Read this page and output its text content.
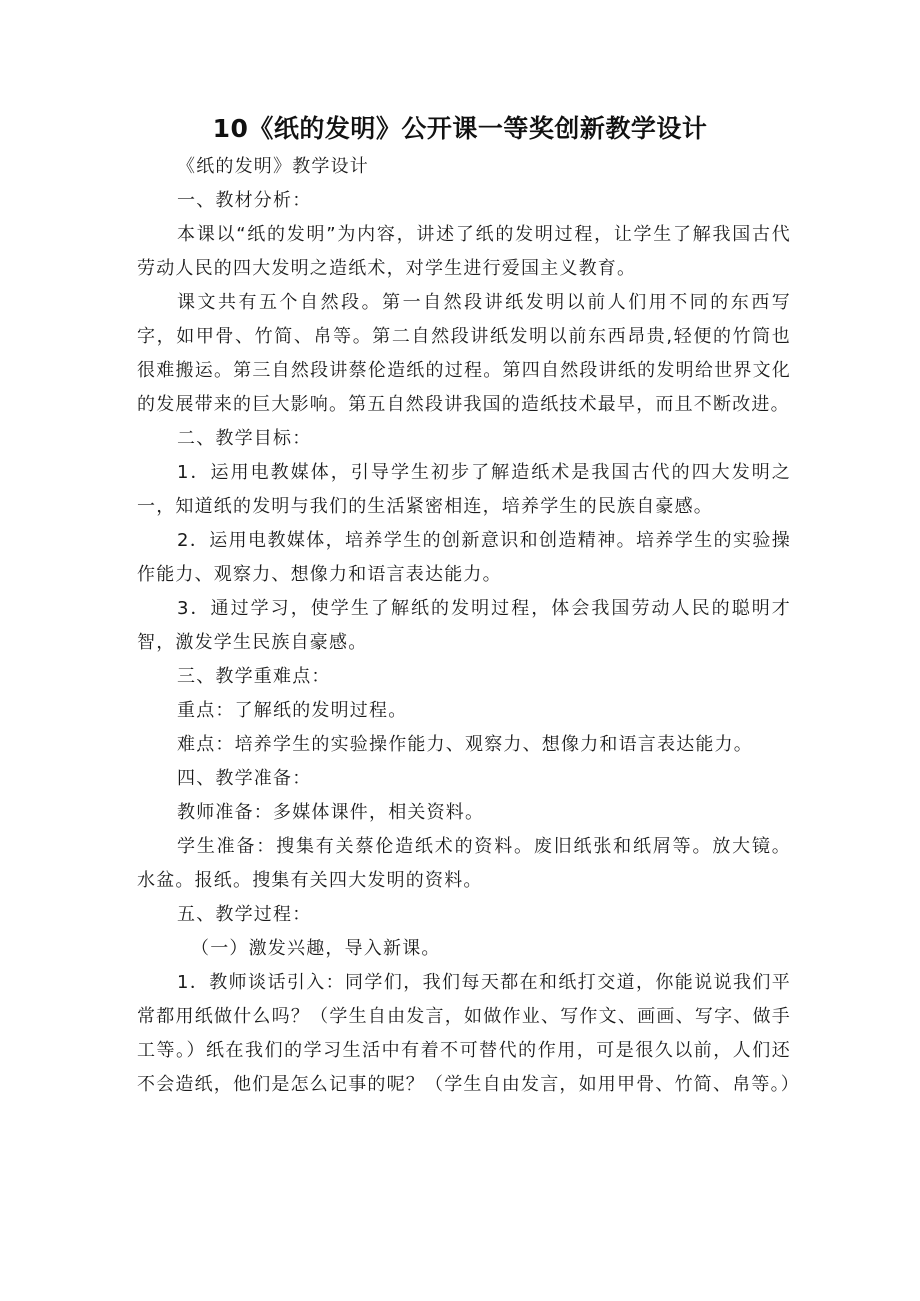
10《纸的发明》公开课一等奖创新教学设计

《纸的发明》教学设计

一、教材分析：

本课以“纸的发明”为内容，讲述了纸的发明过程，让学生了解我国古代劳动人民的四大发明之造纸术，对学生进行爱国主义教育。

课文共有五个自然段。第一自然段讲纸发明以前人们用不同的东西写字，如甲骨、竹简、帛等。第二自然段讲纸发明以前东西昂贵,轻便的竹筒也很难搬运。第三自然段讲蔡伦造纸的过程。第四自然段讲纸的发明给世界文化的发展带来的巨大影响。第五自然段讲我国的造纸技术最早，而且不断改进。

二、教学目标：

1．运用电教媒体，引导学生初步了解造纸术是我国古代的四大发明之一，知道纸的发明与我们的生活紧密相连，培养学生的民族自豪感。

2．运用电教媒体，培养学生的创新意识和创造精神。培养学生的实验操作能力、观察力、想像力和语言表达能力。

3．通过学习，使学生了解纸的发明过程，体会我国劳动人民的聪明才智，激发学生民族自豪感。

三、教学重难点：

重点：了解纸的发明过程。

难点：培养学生的实验操作能力、观察力、想像力和语言表达能力。

四、教学准备：

教师准备：多媒体课件，相关资料。

学生准备：搜集有关蔡伦造纸术的资料。废旧纸张和纸屑等。放大镜。水盆。报纸。搜集有关四大发明的资料。

五、教学过程：

（一）激发兴趣，导入新课。

1．教师谈话引入：同学们，我们每天都在和纸打交道，你能说说我们平常都用纸做什么吗？（学生自由发言，如做作业、写作文、画画、写字、做手工等。）纸在我们的学习生活中有着不可替代的作用，可是很久以前，人们还不会造纸，他们是怎么记事的呢？（学生自由发言，如用甲骨、竹简、帛等。）
